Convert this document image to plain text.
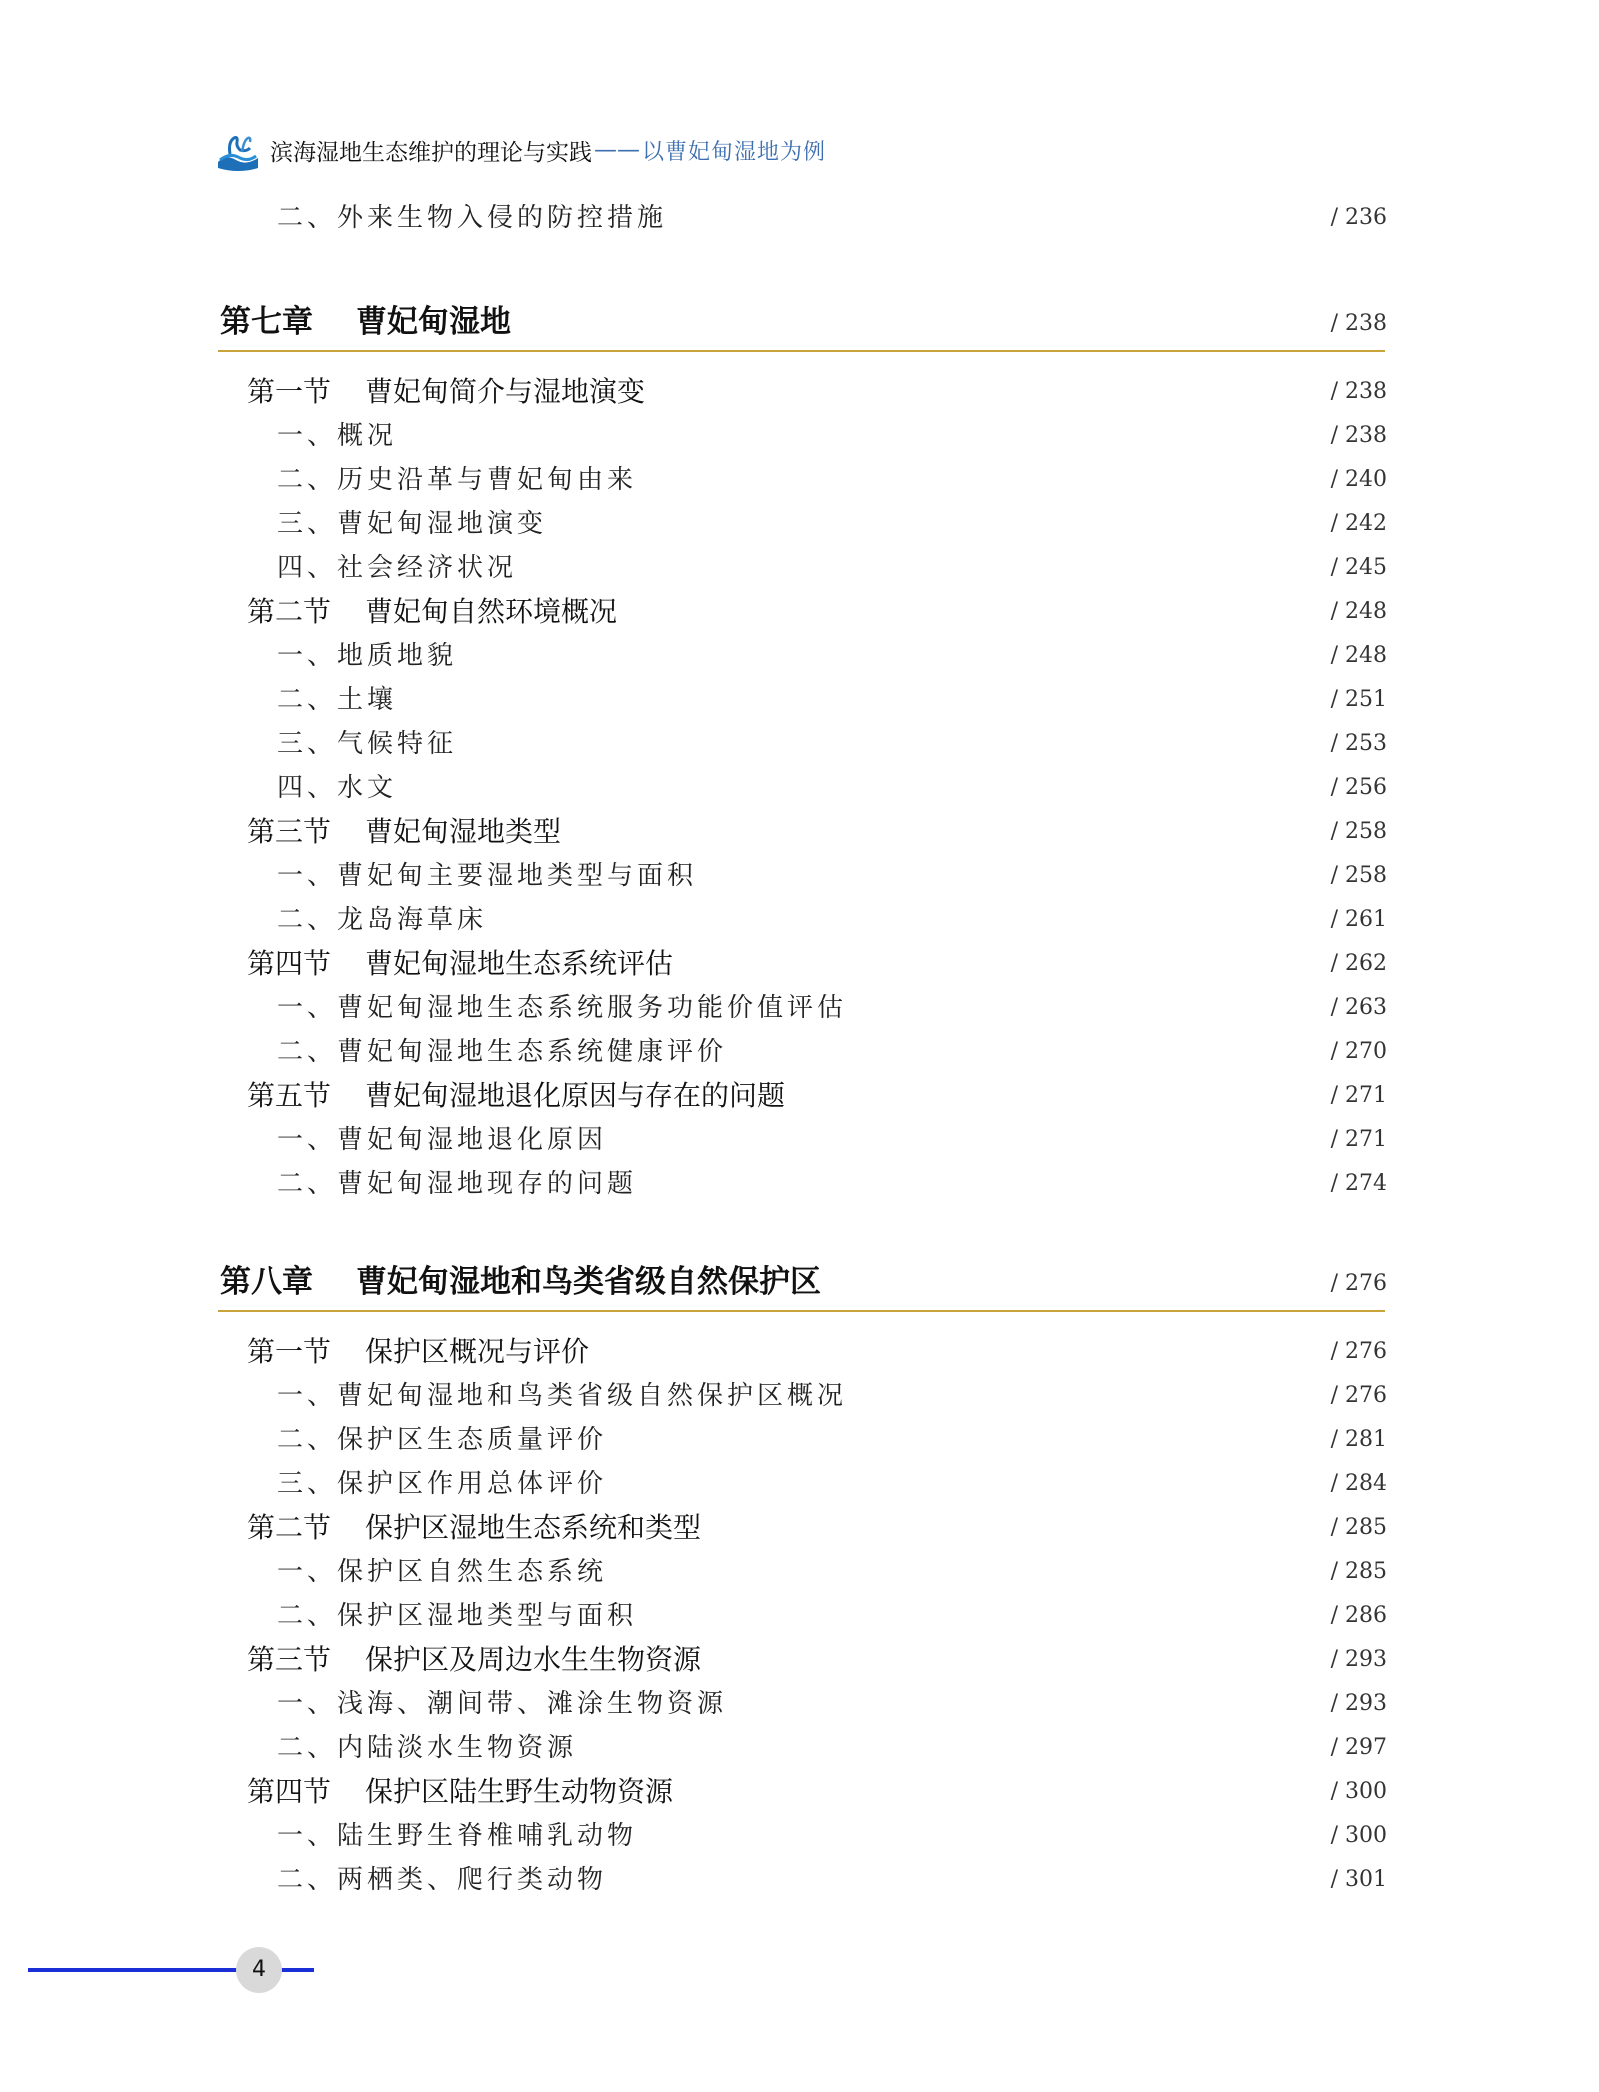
滨海湿地生态维护的理论与实践 —— 以曹妃甸湿地为例
二、外来生物入侵的防控措施	/ 236
第七章 曹妃甸湿地	/ 238
第一节 曹妃甸简介与湿地演变	/ 238
一、概况	/ 238
二、历史沿革与曹妃甸由来	/ 240
三、曹妃甸湿地演变	/ 242
四、社会经济状况	/ 245
第二节 曹妃甸自然环境概况	/ 248
一、地质地貌	/ 248
二、土壤	/ 251
三、气候特征	/ 253
四、水文	/ 256
第三节 曹妃甸湿地类型	/ 258
一、曹妃甸主要湿地类型与面积	/ 258
二、龙岛海草床	/ 261
第四节 曹妃甸湿地生态系统评估	/ 262
一、曹妃甸湿地生态系统服务功能价值评估	/ 263
二、曹妃甸湿地生态系统健康评价	/ 270
第五节 曹妃甸湿地退化原因与存在的问题	/ 271
一、曹妃甸湿地退化原因	/ 271
二、曹妃甸湿地现存的问题	/ 274
第八章 曹妃甸湿地和鸟类省级自然保护区	/ 276
第一节 保护区概况与评价	/ 276
一、曹妃甸湿地和鸟类省级自然保护区概况	/ 276
二、保护区生态质量评价	/ 281
三、保护区作用总体评价	/ 284
第二节 保护区湿地生态系统和类型	/ 285
一、保护区自然生态系统	/ 285
二、保护区湿地类型与面积	/ 286
第三节 保护区及周边水生生物资源	/ 293
一、浅海、潮间带、滩涂生物资源	/ 293
二、内陆淡水生物资源	/ 297
第四节 保护区陆生野生动物资源	/ 300
一、陆生野生脊椎哺乳动物	/ 300
二、两栖类、爬行类动物	/ 301
4
